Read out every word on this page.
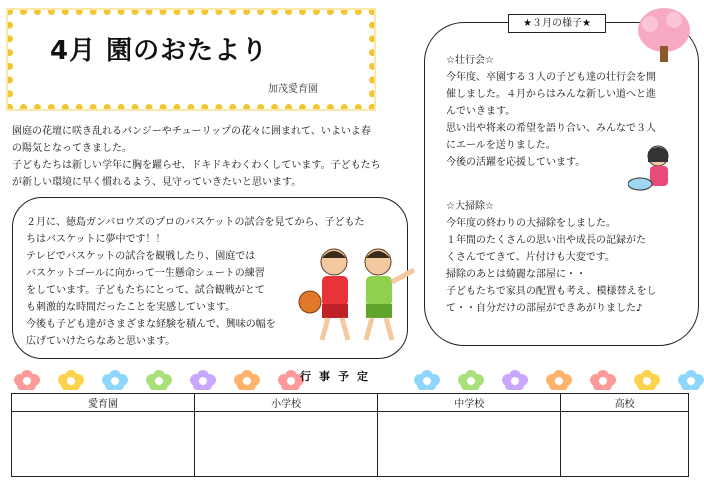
4月 園のおたより
加茂愛育園
園庭の花壇に咲き乱れるパンジーやチューリップの花々に囲まれて、いよいよ春
の陽気となってきました。
子どもたちは新しい学年に胸を躍らせ、ドキドキわくわくしています。子どもたち
が新しい環境に早く慣れるよう、見守っていきたいと思います。
２月に、徳島ガンバロウズのプロのバスケットの試合を見てから、子どもた
ちはバスケットに夢中です！！
テレビでバスケットの試合を観戦したり、園庭では
バスケットゴールに向かって一生懸命シュートの練習
をしています。子どもたちにとって、試合観戦がとて
も刺激的な時間だったことを実感しています。
今後も子ども達がさまざまな経験を積んで、興味の幅を
広げていけたらなあと思います。
★３月の様子★
☆壮行会☆
今年度、卒園する３人の子ども達の壮行会を開
催しました。４月からはみんな新しい道へと進
んでいきます。
思い出や将来の希望を語り合い、みんなで３人
にエールを送りました。
今後の活躍を応援しています。
☆大掃除☆
今年度の終わりの大掃除をしました。
１年間のたくさんの思い出や成長の記録がた
くさんでてきて、片付けも大変です。
掃除のあとは綺麗な部屋に・・
子どもたちで家具の配置も考え、模様替えをし
て・・自分だけの部屋ができあがりました♪
行事予定
愛育園	小学校	中学校	高校
